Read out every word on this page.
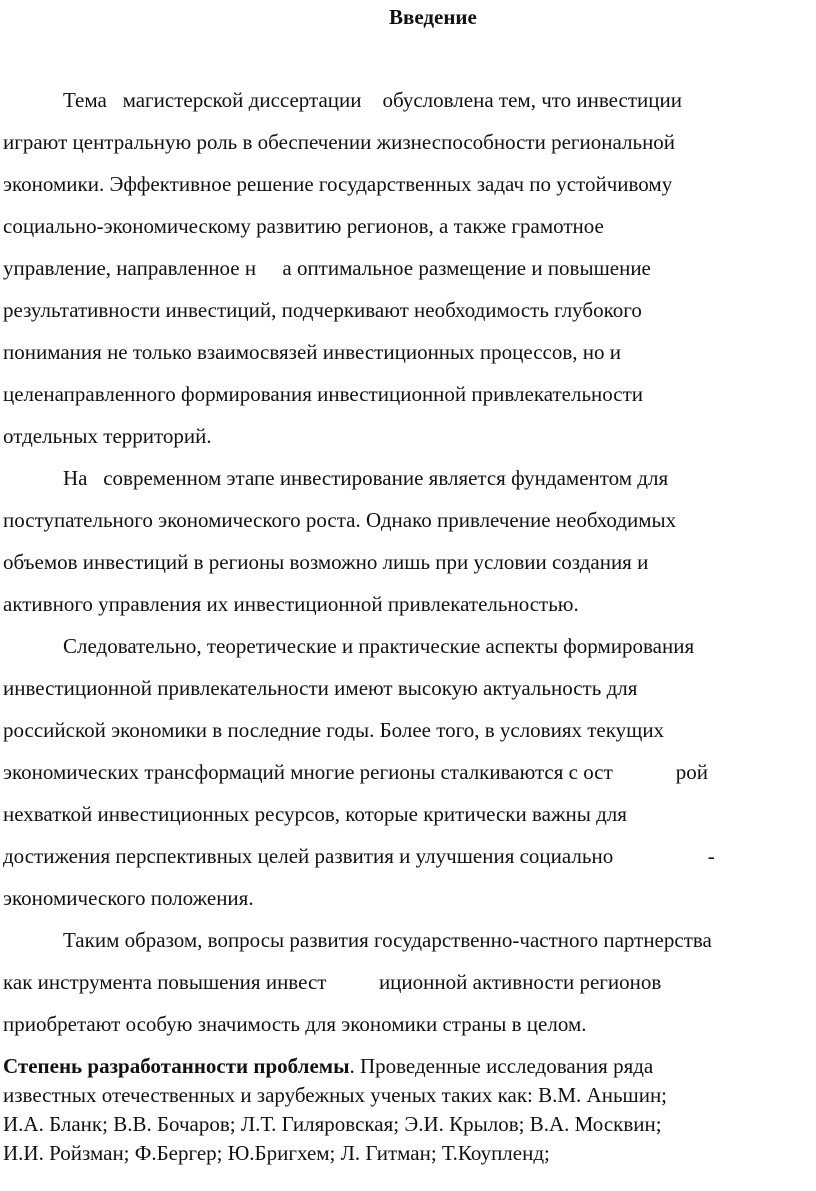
Введение
Тема   магистерской диссертации    обусловлена тем, что инвестиции
играют центральную роль в обеспечении жизнеспособности региональной
экономики. Эффективное решение государственных задач по устойчивому
социально-экономическому развитию регионов, а также грамотное
управление, направленное н     а оптимальное размещение и повышение
результативности инвестиций, подчеркивают необходимость глубокого
понимания не только взаимосвязей инвестиционных процессов, но и
целенаправленного формирования инвестиционной привлекательности
отдельных территорий.
На   современном этапе инвестирование является фундаментом для
поступательного экономического роста. Однако привлечение необходимых
объемов инвестиций в регионы возможно лишь при условии создания и
активного управления их инвестиционной привлекательностью.
Следовательно, теоретические и практические аспекты формирования
инвестиционной привлекательности имеют высокую актуальность для
российской экономики в последние годы. Более того, в условиях текущих
экономических трансформаций многие регионы сталкиваются с ост            рой
нехваткой инвестиционных ресурсов, которые критически важны для
достижения перспективных целей развития и улучшения социально                  -
экономического положения.
Таким образом, вопросы развития государственно-частного партнерства
как инструмента повышения инвест          иционной активности регионов
приобретают особую значимость для экономики страны в целом.
Степень разработанности проблемы. Проведенные исследования ряда
известных отечественных и зарубежных ученых таких как: В.М. Аньшин;
И.А. Бланк; В.В. Бочаров; Л.Т. Гиляровская; Э.И. Крылов; В.А. Москвин;
И.И. Ройзман; Ф.Бергер; Ю.Бригхем; Л. Гитман; Т.Коупленд;
